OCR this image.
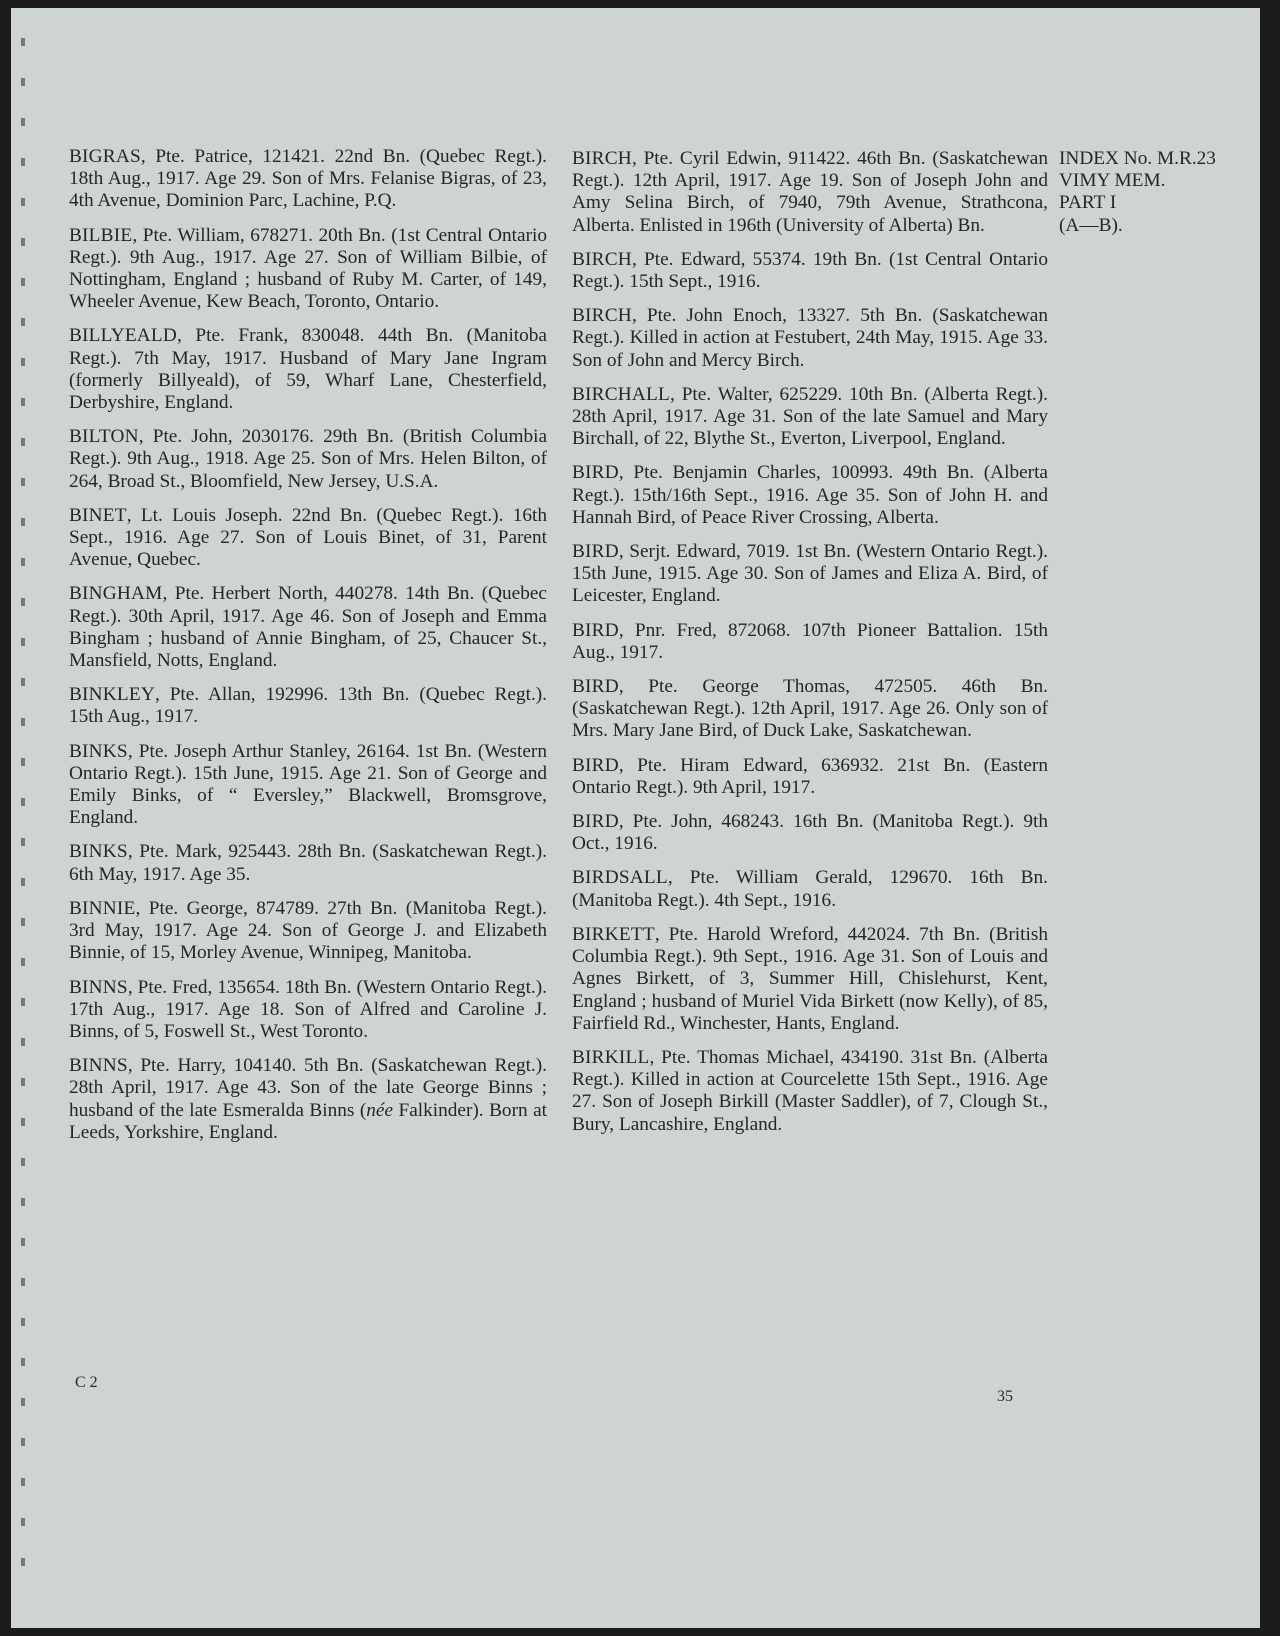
BIGRAS, Pte. Patrice, 121421. 22nd Bn. (Quebec Regt.). 18th Aug., 1917. Age 29. Son of Mrs. Felanise Bigras, of 23, 4th Avenue, Dominion Parc, Lachine, P.Q.

BILBIE, Pte. William, 678271. 20th Bn. (1st Central Ontario Regt.). 9th Aug., 1917. Age 27. Son of William Bilbie, of Nottingham, England ; husband of Ruby M. Carter, of 149, Wheeler Avenue, Kew Beach, Toronto, Ontario.

BILLYEALD, Pte. Frank, 830048. 44th Bn. (Manitoba Regt.). 7th May, 1917. Husband of Mary Jane Ingram (formerly Billyeald), of 59, Wharf Lane, Chesterfield, Derbyshire, England.

BILTON, Pte. John, 2030176. 29th Bn. (British Columbia Regt.). 9th Aug., 1918. Age 25. Son of Mrs. Helen Bilton, of 264, Broad St., Bloomfield, New Jersey, U.S.A.

BINET, Lt. Louis Joseph. 22nd Bn. (Quebec Regt.). 16th Sept., 1916. Age 27. Son of Louis Binet, of 31, Parent Avenue, Quebec.

BINGHAM, Pte. Herbert North, 440278. 14th Bn. (Quebec Regt.). 30th April, 1917. Age 46. Son of Joseph and Emma Bingham ; husband of Annie Bingham, of 25, Chaucer St., Mansfield, Notts, England.

BINKLEY, Pte. Allan, 192996. 13th Bn. (Quebec Regt.). 15th Aug., 1917.

BINKS, Pte. Joseph Arthur Stanley, 26164. 1st Bn. (Western Ontario Regt.). 15th June, 1915. Age 21. Son of George and Emily Binks, of “ Eversley,” Blackwell, Bromsgrove, England.

BINKS, Pte. Mark, 925443. 28th Bn. (Saskatchewan Regt.). 6th May, 1917. Age 35.

BINNIE, Pte. George, 874789. 27th Bn. (Manitoba Regt.). 3rd May, 1917. Age 24. Son of George J. and Elizabeth Binnie, of 15, Morley Avenue, Winnipeg, Manitoba.

BINNS, Pte. Fred, 135654. 18th Bn. (Western Ontario Regt.). 17th Aug., 1917. Age 18. Son of Alfred and Caroline J. Binns, of 5, Foswell St., West Toronto.

BINNS, Pte. Harry, 104140. 5th Bn. (Saskatchewan Regt.). 28th April, 1917. Age 43. Son of the late George Binns ; husband of the late Esmeralda Binns (née Falkinder). Born at Leeds, Yorkshire, England.

BIRCH, Pte. Cyril Edwin, 911422. 46th Bn. (Saskatchewan Regt.). 12th April, 1917. Age 19. Son of Joseph John and Amy Selina Birch, of 7940, 79th Avenue, Strathcona, Alberta. Enlisted in 196th (University of Alberta) Bn.

BIRCH, Pte. Edward, 55374. 19th Bn. (1st Central Ontario Regt.). 15th Sept., 1916.

BIRCH, Pte. John Enoch, 13327. 5th Bn. (Saskatchewan Regt.). Killed in action at Festubert, 24th May, 1915. Age 33. Son of John and Mercy Birch.

BIRCHALL, Pte. Walter, 625229. 10th Bn. (Alberta Regt.). 28th April, 1917. Age 31. Son of the late Samuel and Mary Birchall, of 22, Blythe St., Everton, Liverpool, England.

BIRD, Pte. Benjamin Charles, 100993. 49th Bn. (Alberta Regt.). 15th/16th Sept., 1916. Age 35. Son of John H. and Hannah Bird, of Peace River Crossing, Alberta.

BIRD, Serjt. Edward, 7019. 1st Bn. (Western Ontario Regt.). 15th June, 1915. Age 30. Son of James and Eliza A. Bird, of Leicester, England.

BIRD, Pnr. Fred, 872068. 107th Pioneer Battalion. 15th Aug., 1917.

BIRD, Pte. George Thomas, 472505. 46th Bn. (Saskatchewan Regt.). 12th April, 1917. Age 26. Only son of Mrs. Mary Jane Bird, of Duck Lake, Saskatchewan.

BIRD, Pte. Hiram Edward, 636932. 21st Bn. (Eastern Ontario Regt.). 9th April, 1917.

BIRD, Pte. John, 468243. 16th Bn. (Manitoba Regt.). 9th Oct., 1916.

BIRDSALL, Pte. William Gerald, 129670. 16th Bn. (Manitoba Regt.). 4th Sept., 1916.

BIRKETT, Pte. Harold Wreford, 442024. 7th Bn. (British Columbia Regt.). 9th Sept., 1916. Age 31. Son of Louis and Agnes Birkett, of 3, Summer Hill, Chislehurst, Kent, England ; husband of Muriel Vida Birkett (now Kelly), of 85, Fairfield Rd., Winchester, Hants, England.

BIRKILL, Pte. Thomas Michael, 434190. 31st Bn. (Alberta Regt.). Killed in action at Courcelette 15th Sept., 1916. Age 27. Son of Joseph Birkill (Master Saddler), of 7, Clough St., Bury, Lancashire, England.

INDEX No. M.R.23
VIMY MEM.
PART I
(A—B).
C 2
35
